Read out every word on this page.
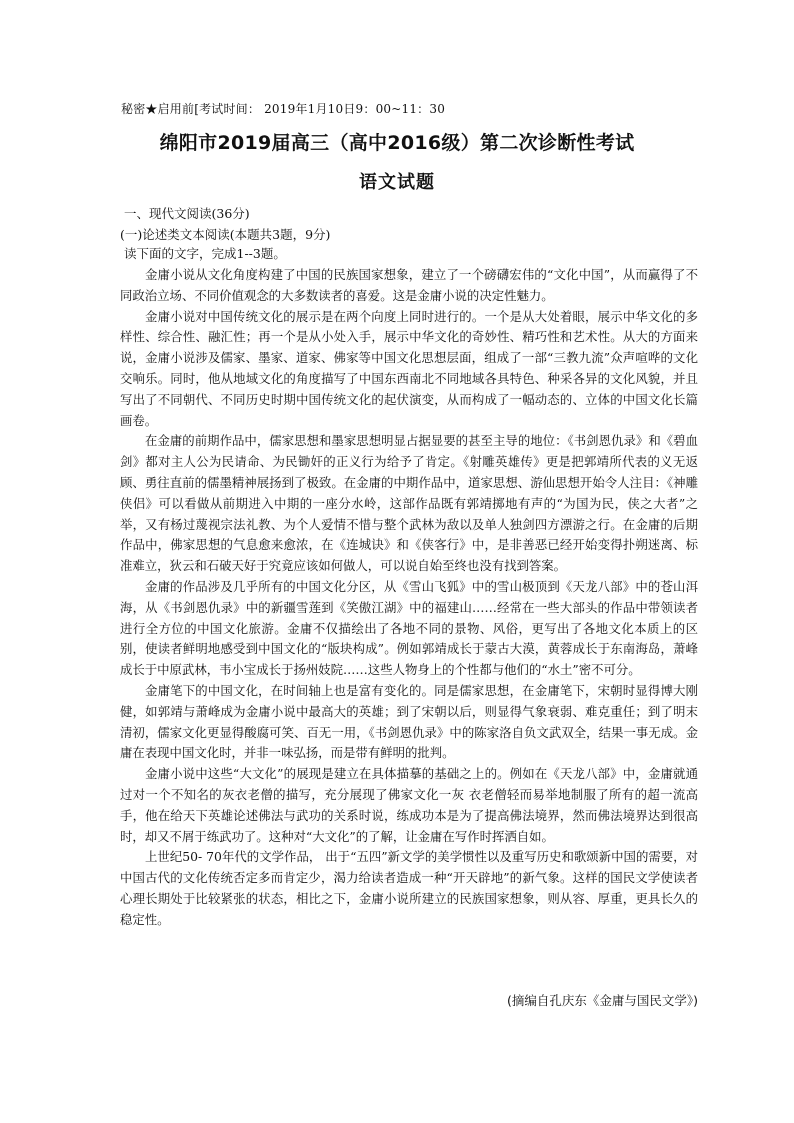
秘密★启用前[考试时间： 2019年1月10日9：00~11：30
绵阳市2019届高三（高中2016级）第二次诊断性考试
语文试题
一、现代文阅读(36分)
(一)论述类文本阅读(本题共3题，9分)
读下面的文字，完成1--3题。

金庸小说从文化角度构建了中国的民族国家想象，建立了一个磅礴宏伟的“文化中国”，从而赢得了不同政治立场、不同价值观念的大多数读者的喜爱。这是金庸小说的决定性魅力。

金庸小说对中国传统文化的展示是在两个向度上同时进行的。一个是从大处着眼，展示中华文化的多样性、综合性、融汇性；再一个是从小处入手，展示中华文化的奇妙性、精巧性和艺术性。从大的方面来说，金庸小说涉及儒家、墨家、道家、佛家等中国文化思想层面，组成了一部“三教九流”众声喧哗的文化交响乐。同时，他从地域文化的角度描写了中国东西南北不同地域各具特色、种采各异的文化风貌，并且写出了不同朝代、不同历史时期中国传统文化的起伏演变，从而构成了一幅动态的、立体的中国文化长篇画卷。

在金庸的前期作品中，儒家思想和墨家思想明显占据显要的甚至主导的地位：《书剑恩仇录》和《碧血剑》都对主人公为民请命、为民锄奸的正义行为给予了肯定。《射雕英雄传》更是把郭靖所代表的义无返顾、勇往直前的儒墨精神展扬到了极致。在金庸的中期作品中，道家思想、游仙思想开始令人注目：《神雕侠侣》可以看做从前期进入中期的一座分水岭，这部作品既有郭靖掷地有声的“为国为民，侠之大者”之举，又有杨过蔑视宗法礼教、为个人爱情不惜与整个武林为敌以及单人独剑四方漂游之行。在金庸的后期作品中，佛家思想的气息愈来愈浓，在《连城诀》和《侠客行》中，是非善恶已经开始变得扑朔迷离、标准难立，狄云和石破天好于究竟应该如何做人，可以说自始至终也没有找到答案。

金庸的作品涉及几乎所有的中国文化分区，从《雪山飞狐》中的雪山极顶到《天龙八部》中的苍山洱海，从《书剑恩仇录》中的新疆雪莲到《笑傲江湖》中的福建山……经常在一些大部头的作品中带领读者进行全方位的中国文化旅游。金庸不仅描绘出了各地不同的景物、风俗，更写出了各地文化本质上的区别，使读者鲜明地感受到中国文化的“版块构成”。例如郭靖成长于蒙古大漠，黄蓉成长于东南海岛，萧峰成长于中原武林，韦小宝成长于扬州妓院……这些人物身上的个性都与他们的“水土”密不可分。

金庸笔下的中国文化，在时间轴上也是富有变化的。同是儒家思想，在金庸笔下，宋朝时显得博大刚健，如郭靖与萧峰成为金庸小说中最高大的英雄；到了宋朝以后，则显得气象衰弱、难克重任；到了明末清初，儒家文化更显得酸腐可笑、百无一用，《书剑恩仇录》中的陈家洛自负文武双全，结果一事无成。金庸在表现中国文化时，并非一味弘扬，而是带有鲜明的批判。

金庸小说中这些“大文化”的展现是建立在具体描摹的基础之上的。例如在《天龙八部》中，金庸就通过对一个不知名的灰衣老僧的描写，充分展现了佛家文化一灰 衣老僧轻而易举地制服了所有的超一流高手，他在给天下英雄论述佛法与武功的关系时说，练成功本是为了提高佛法境界，然而佛法境界达到很高时，却又不屑于练武功了。这种对“大文化”的了解，让金庸在写作时挥洒自如。

上世纪50- 70年代的文学作品， 出于“五四”新文学的美学惯性以及重写历史和歌颂新中国的需要，对中国古代的文化传统否定多而肯定少，渴力给读者造成一种“开天辟地”的新气象。这样的国民文学使读者心理长期处于比较紧张的状态，相比之下，金庸小说所建立的民族国家想象，则从容、厚重，更具长久的稳定性。

(摘编自孔庆东《金庸与国民文学》)
